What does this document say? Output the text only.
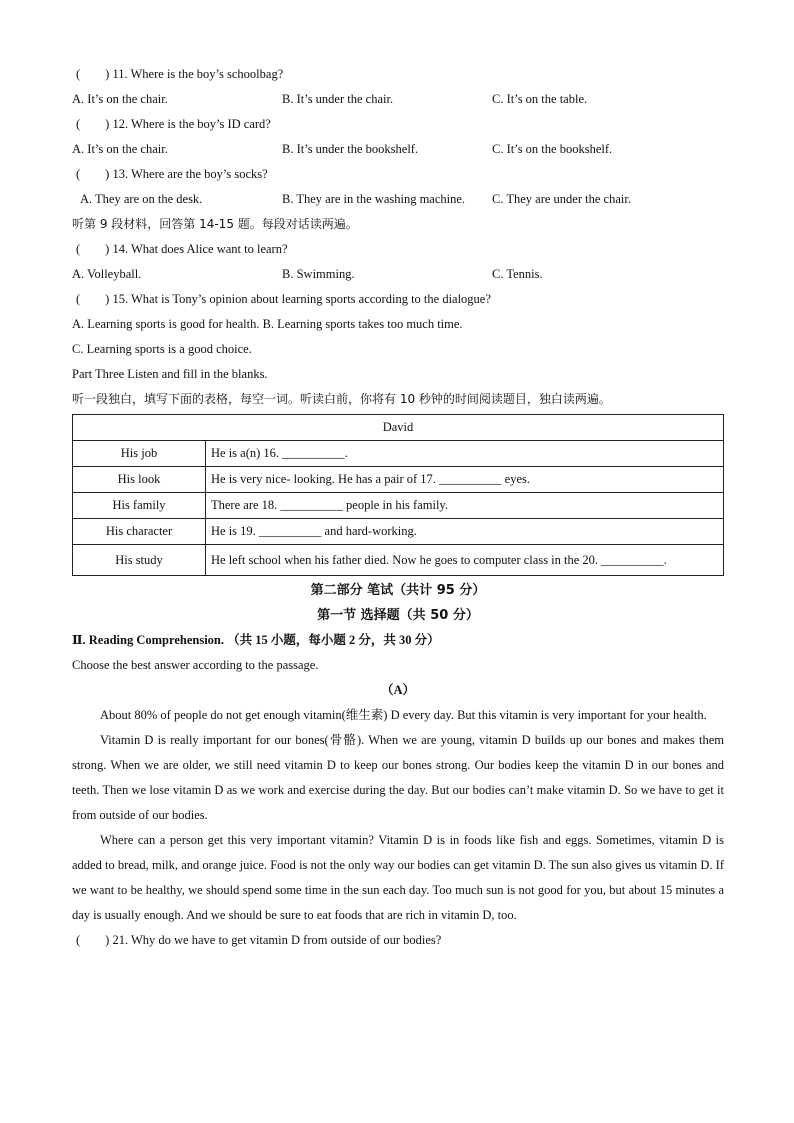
(　　) 11. Where is the boy’s schoolbag?
A. It’s on the chair.	B. It’s under the chair.	C. It’s on the table.
(　　) 12. Where is the boy’s ID card?
A. It’s on the chair.	B. It’s under the bookshelf.	C. It’s on the bookshelf.
(　　) 13. Where are the boy’s socks?
A. They are on the desk.	B. They are in the washing machine.	C. They are under the chair.
听第 9 段材料，回答第 14-15 题。每段对话读两遍。
(　　) 14. What does Alice want to learn?
A. Volleyball.	B. Swimming.	C. Tennis.
(　　) 15. What is Tony’s opinion about learning sports according to the dialogue?
A. Learning sports is good for health. B. Learning sports takes too much time.
C. Learning sports is a good choice.
Part Three Listen and fill in the blanks.
听一段独白，填写下面的表格，每空一词。听读白前，你将有 10 秒钟的时间阅读题目，独白读两遍。
David	
His job	He is a(n) 16. __________.
His look	He is very nice- looking. He has a pair of 17. __________ eyes.
His family	There are 18. __________ people in his family.
His character	He is 19. __________ and hard-working.
His study	He left school when his father died. Now he goes to computer class in the 20. __________.
第二部分 笔试（共计 95 分）
第一节 选择题（共 50 分）
Ⅱ. Reading Comprehension. （共 15 小题，每小题 2 分，共 30 分）
Choose the best answer according to the passage.
（A）

About 80% of people do not get enough vitamin(维生素) D every day. But this vitamin is very important for your health.

Vitamin D is really important for our bones(骨骼). When we are young, vitamin D builds up our bones and makes them strong. When we are older, we still need vitamin D to keep our bones strong. Our bodies keep the vitamin D in our bones and teeth. Then we lose vitamin D as we work and exercise during the day. But our bodies can’t make vitamin D. So we have to get it from outside of our bodies.

Where can a person get this very important vitamin? Vitamin D is in foods like fish and eggs. Sometimes, vitamin D is added to bread, milk, and orange juice. Food is not the only way our bodies can get vitamin D. The sun also gives us vitamin D. If we want to be healthy, we should spend some time in the sun each day. Too much sun is not good for you, but about 15 minutes a day is usually enough. And we should be sure to eat foods that are rich in vitamin D, too.

(　　) 21. Why do we have to get vitamin D from outside of our bodies?
